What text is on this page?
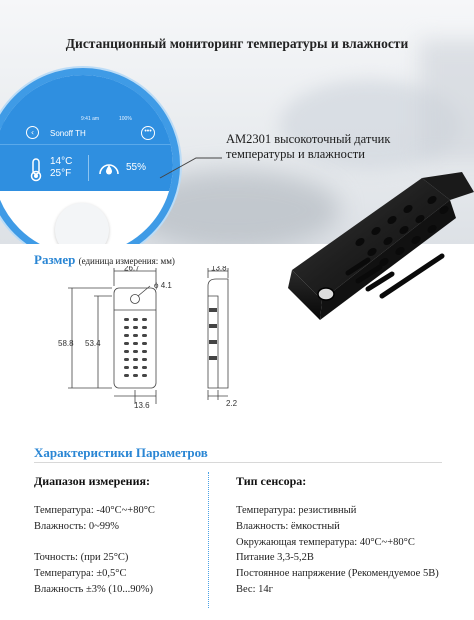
Дистанционный мониторинг температуры и влажности
9:41 am	100%
‹	Sonoff TH	•••
14°C
25°F
55%
AM2301 высокоточный датчик
температуры и влажности
Размер (единица измерения: мм)
26.7	13.8
ϕ 4.1
58.8 53.4
13.6	2.2
Характеристики Параметров
Диапазон измерения:	Тип сенсора:
Температура: -40°C~+80°C
Влажность: 0~99%
Точность: (при 25°C)
Температура: ±0,5°C
Влажность ±3% (10...90%)
Температура: резистивный
Влажность: ёмкостный
Окружающая температура: 40°C~+80°C
Питание 3,3-5,2В
Постоянное напряжение (Рекомендуемое 5В)
Вес: 14г
